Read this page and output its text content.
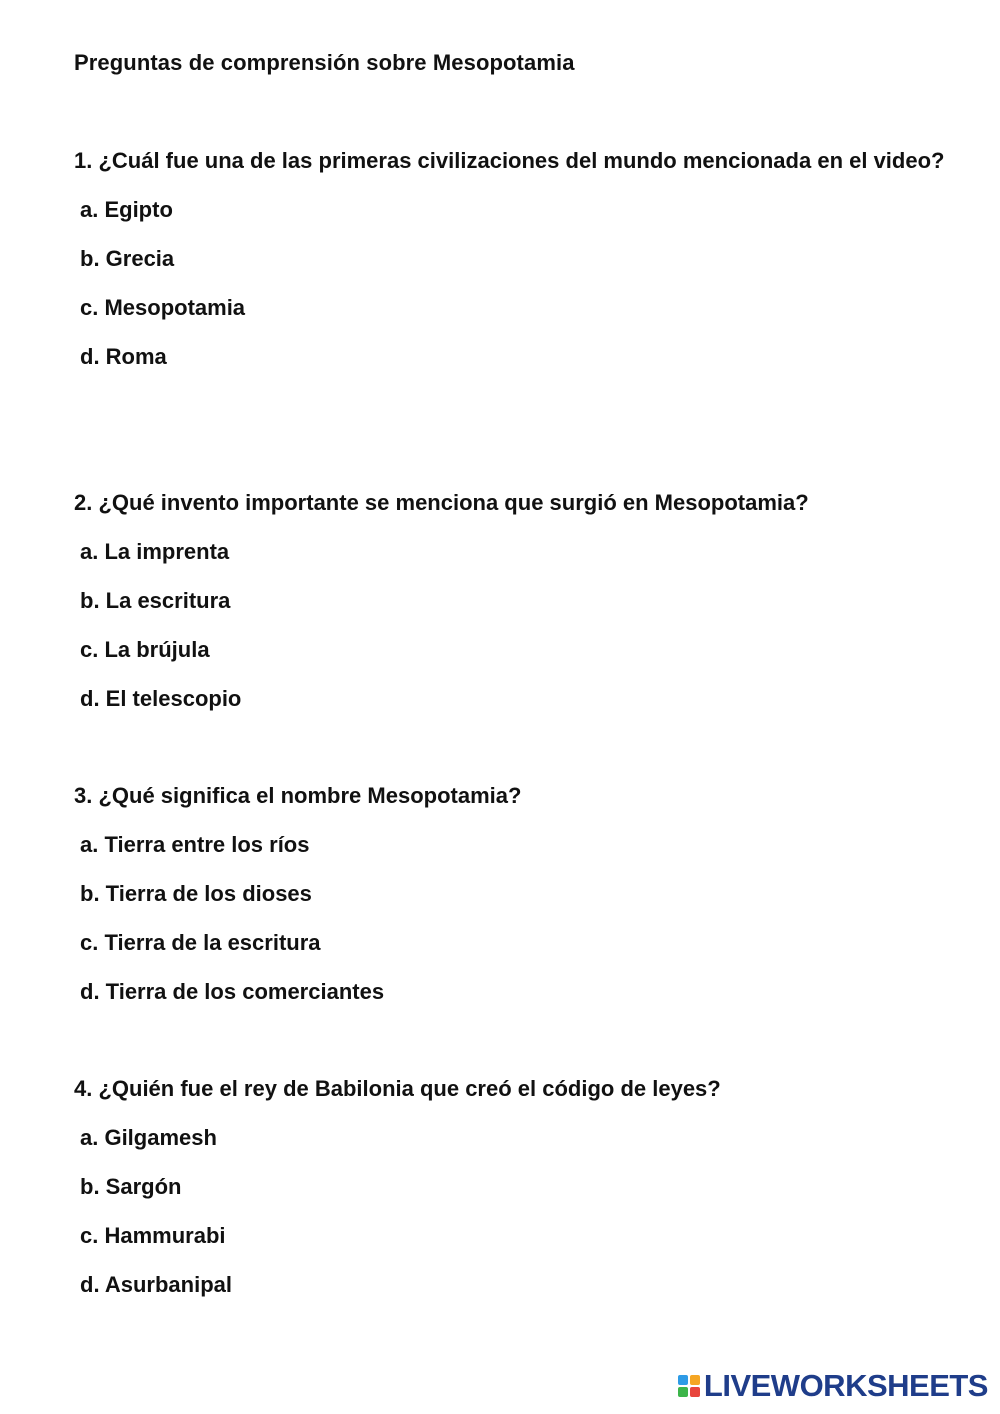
Preguntas de comprensión sobre Mesopotamia

1. ¿Cuál fue una de las primeras civilizaciones del mundo mencionada en el video?

a. Egipto
b. Grecia
c. Mesopotamia
d. Roma

2. ¿Qué invento importante se menciona que surgió en Mesopotamia?

a. La imprenta
b. La escritura
c. La brújula
d. El telescopio

3. ¿Qué significa el nombre Mesopotamia?

a. Tierra entre los ríos
b. Tierra de los dioses
c. Tierra de la escritura
d. Tierra de los comerciantes

4. ¿Quién fue el rey de Babilonia que creó el código de leyes?

a. Gilgamesh
b. Sargón
c. Hammurabi
d. Asurbanipal
LIVEWORKSHEETS
